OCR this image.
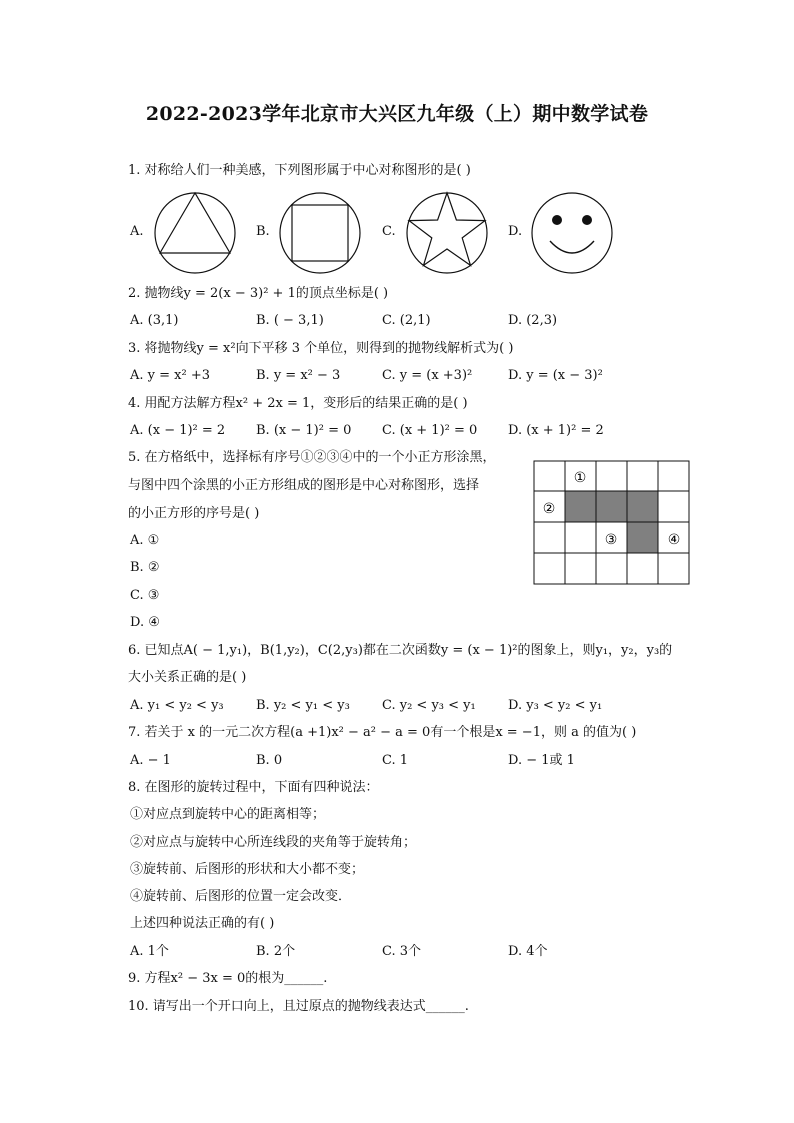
2022-2023学年北京市大兴区九年级（上）期中数学试卷
1. 对称给人们一种美感，下列图形属于中心对称图形的是( )
A.	B.	C.	D.
2. 抛物线y = 2(x − 3)² + 1的顶点坐标是( )
A. (3,1)	B. ( − 3,1)	C. (2,1)	D. (2,3)
3. 将抛物线y = x²向下平移 3 个单位，则得到的抛物线解析式为( )
A. y = x² +3	B. y = x² − 3	C. y = (x +3)²	D. y = (x − 3)²
4. 用配方法解方程x² + 2x = 1，变形后的结果正确的是( )
A. (x − 1)² = 2 B. (x − 1)² = 0 C. (x + 1)² = 0 D. (x + 1)² = 2
5. 在方格纸中，选择标有序号①②③④中的一个小正方形涂黑，
与图中四个涂黑的小正方形组成的图形是中心对称图形，选择
的小正方形的序号是( )
A. ①
B. ②
C. ③
D. ④
①
②
③	④
6. 已知点A( − 1,y₁)，B(1,y₂)，C(2,y₃)都在二次函数y = (x − 1)²的图象上，则y₁，y₂，y₃的
大小关系正确的是( )
A. y₁ < y₂ < y₃ B. y₂ < y₁ < y₃ C. y₂ < y₃ < y₁ D. y₃ < y₂ < y₁
7. 若关于 x 的一元二次方程(a +1)x² − a² − a = 0有一个根是x = −1，则 a 的值为( )
A. − 1	B. 0	C. 1	D. − 1或 1
8. 在图形的旋转过程中，下面有四种说法：
①对应点到旋转中心的距离相等；
②对应点与旋转中心所连线段的夹角等于旋转角；
③旋转前、后图形的形状和大小都不变；
④旋转前、后图形的位置一定会改变．
上述四种说法正确的有( )
A. 1个	B. 2个	C. 3个	D. 4个
9. 方程x² − 3x = 0的根为______.
10. 请写出一个开口向上，且过原点的抛物线表达式______.
